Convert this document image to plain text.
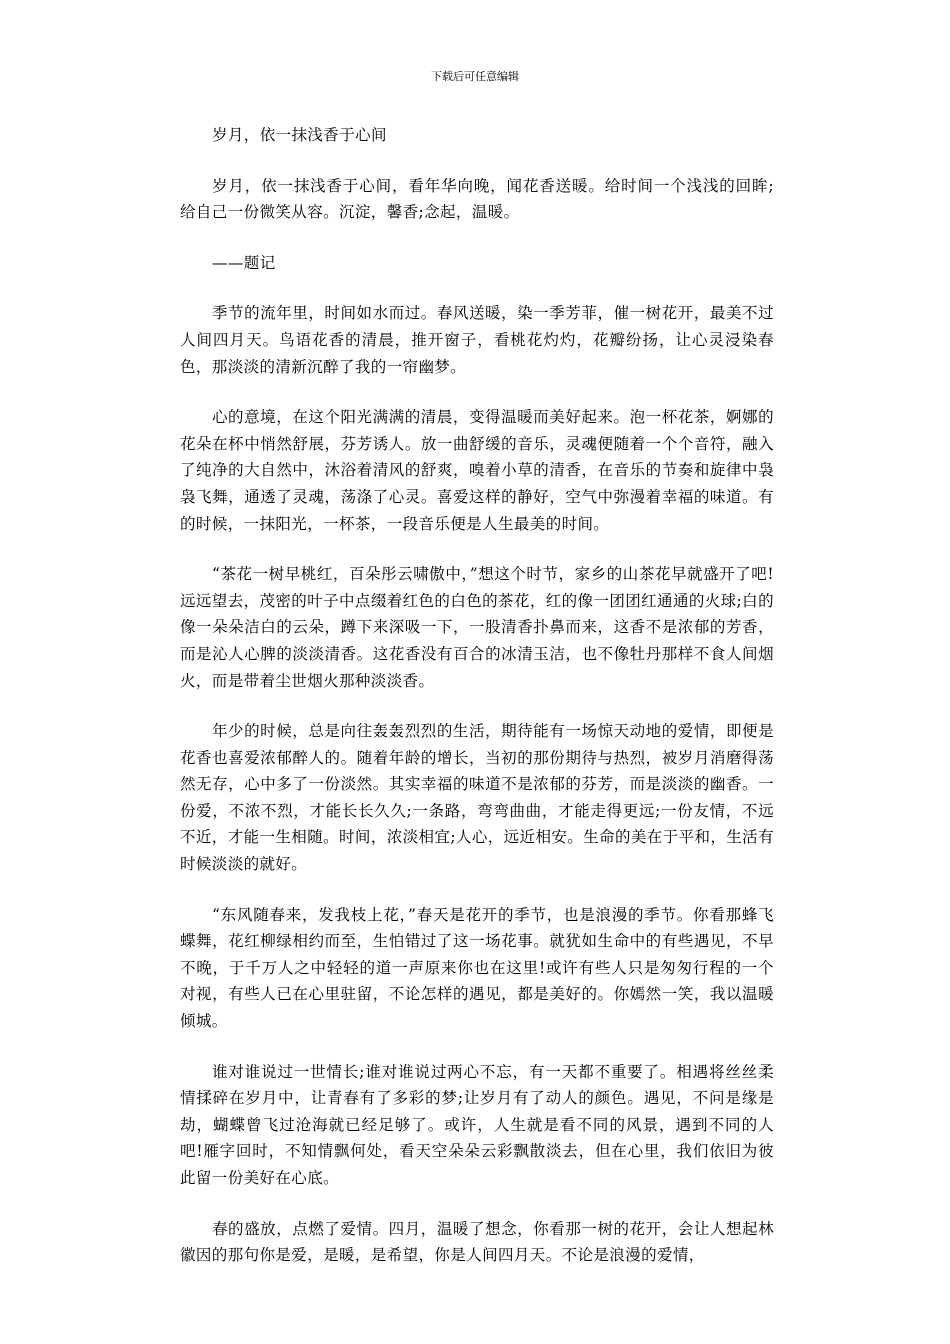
下载后可任意编辑

岁月，依一抹浅香于心间

岁月，依一抹浅香于心间，看年华向晚，闻花香送暖。给时间一个浅浅的回眸;给自己一份微笑从容。沉淀，馨香;念起，温暖。

——题记

季节的流年里，时间如水而过。春风送暖，染一季芳菲，催一树花开，最美不过人间四月天。鸟语花香的清晨，推开窗子，看桃花灼灼，花瓣纷扬，让心灵浸染春色，那淡淡的清新沉醉了我的一帘幽梦。

心的意境，在这个阳光满满的清晨，变得温暖而美好起来。泡一杯花茶，婀娜的花朵在杯中悄然舒展，芬芳诱人。放一曲舒缓的音乐，灵魂便随着一个个音符，融入了纯净的大自然中，沐浴着清风的舒爽，嗅着小草的清香，在音乐的节奏和旋律中袅袅飞舞，通透了灵魂，荡涤了心灵。喜爱这样的静好，空气中弥漫着幸福的味道。有的时候，一抹阳光，一杯茶，一段音乐便是人生最美的时间。

“茶花一树早桃红，百朵彤云啸傲中，”想这个时节，家乡的山茶花早就盛开了吧!远远望去，茂密的叶子中点缀着红色的白色的茶花，红的像一团团红通通的火球;白的像一朵朵洁白的云朵，蹲下来深吸一下，一股清香扑鼻而来，这香不是浓郁的芳香，而是沁人心脾的淡淡清香。这花香没有百合的冰清玉洁，也不像牡丹那样不食人间烟火，而是带着尘世烟火那种淡淡香。

年少的时候，总是向往轰轰烈烈的生活，期待能有一场惊天动地的爱情，即便是花香也喜爱浓郁醉人的。随着年龄的增长，当初的那份期待与热烈，被岁月消磨得荡然无存，心中多了一份淡然。其实幸福的味道不是浓郁的芬芳，而是淡淡的幽香。一份爱，不浓不烈，才能长长久久;一条路，弯弯曲曲，才能走得更远;一份友情，不远不近，才能一生相随。时间，浓淡相宜;人心，远近相安。生命的美在于平和，生活有时候淡淡的就好。

“东风随春来，发我枝上花，”春天是花开的季节，也是浪漫的季节。你看那蜂飞蝶舞，花红柳绿相约而至，生怕错过了这一场花事。就犹如生命中的有些遇见，不早不晚，于千万人之中轻轻的道一声原来你也在这里!或许有些人只是匆匆行程的一个对视，有些人已在心里驻留，不论怎样的遇见，都是美好的。你嫣然一笑，我以温暖倾城。

谁对谁说过一世情长;谁对谁说过两心不忘，有一天都不重要了。相遇将丝丝柔情揉碎在岁月中，让青春有了多彩的梦;让岁月有了动人的颜色。遇见，不问是缘是劫，蝴蝶曾飞过沧海就已经足够了。或许，人生就是看不同的风景，遇到不同的人吧!雁字回时，不知情飘何处，看天空朵朵云彩飘散淡去，但在心里，我们依旧为彼此留一份美好在心底。

春的盛放，点燃了爱情。四月，温暖了想念，你看那一树的花开，会让人想起林徽因的那句你是爱，是暖，是希望，你是人间四月天。不论是浪漫的爱情，
